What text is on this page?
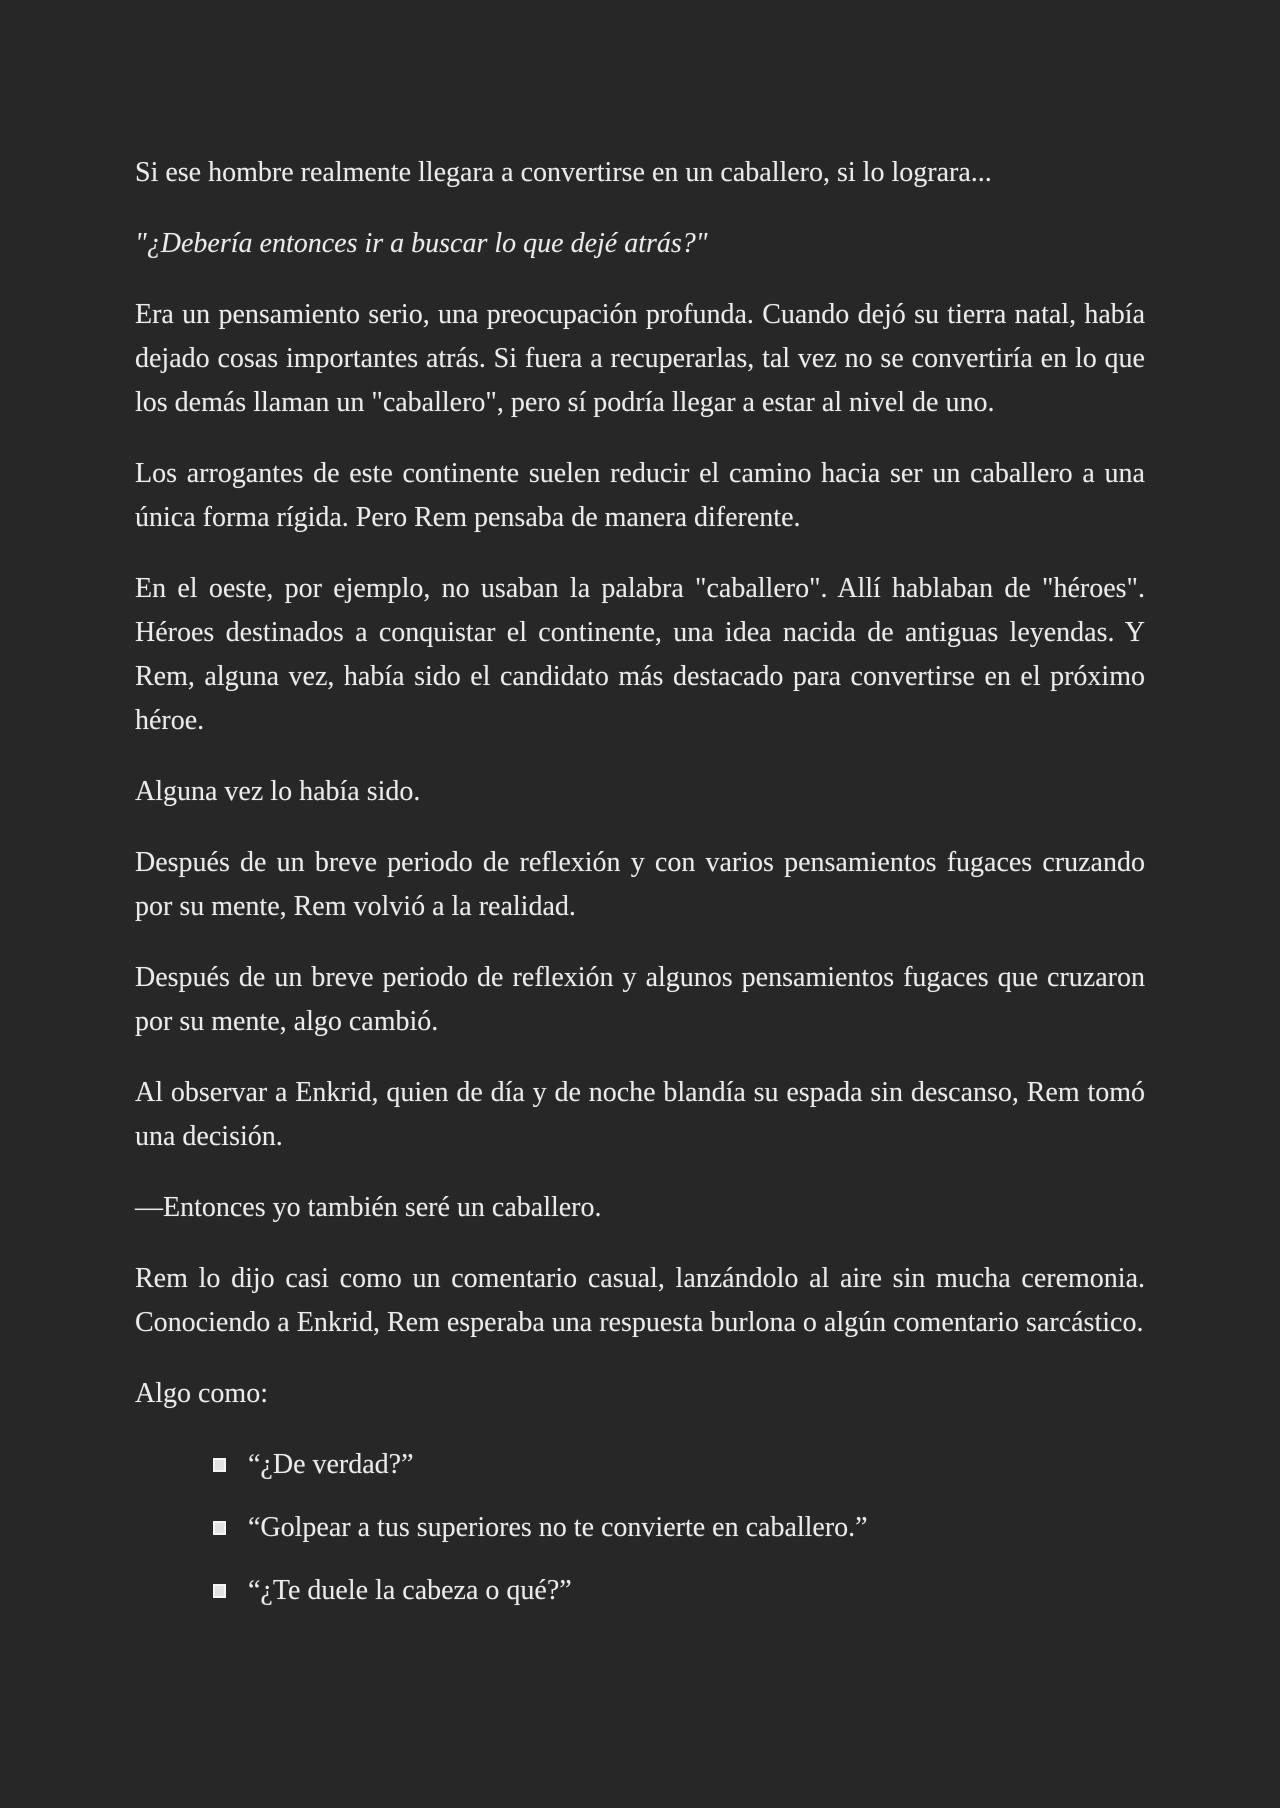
Si ese hombre realmente llegara a convertirse en un caballero, si lo lograra...

"¿Debería entonces ir a buscar lo que dejé atrás?"

Era un pensamiento serio, una preocupación profunda. Cuando dejó su tierra natal, había dejado cosas importantes atrás. Si fuera a recuperarlas, tal vez no se convertiría en lo que los demás llaman un "caballero", pero sí podría llegar a estar al nivel de uno.

Los arrogantes de este continente suelen reducir el camino hacia ser un caballero a una única forma rígida. Pero Rem pensaba de manera diferente.

En el oeste, por ejemplo, no usaban la palabra "caballero". Allí hablaban de "héroes". Héroes destinados a conquistar el continente, una idea nacida de antiguas leyendas. Y Rem, alguna vez, había sido el candidato más destacado para convertirse en el próximo héroe.

Alguna vez lo había sido.

Después de un breve periodo de reflexión y con varios pensamientos fugaces cruzando por su mente, Rem volvió a la realidad.

Después de un breve periodo de reflexión y algunos pensamientos fugaces que cruzaron por su mente, algo cambió.

Al observar a Enkrid, quien de día y de noche blandía su espada sin descanso, Rem tomó una decisión.

—Entonces yo también seré un caballero.

Rem lo dijo casi como un comentario casual, lanzándolo al aire sin mucha ceremonia. Conociendo a Enkrid, Rem esperaba una respuesta burlona o algún comentario sarcástico.

Algo como:

“¿De verdad?”
“Golpear a tus superiores no te convierte en caballero.”
“¿Te duele la cabeza o qué?”
